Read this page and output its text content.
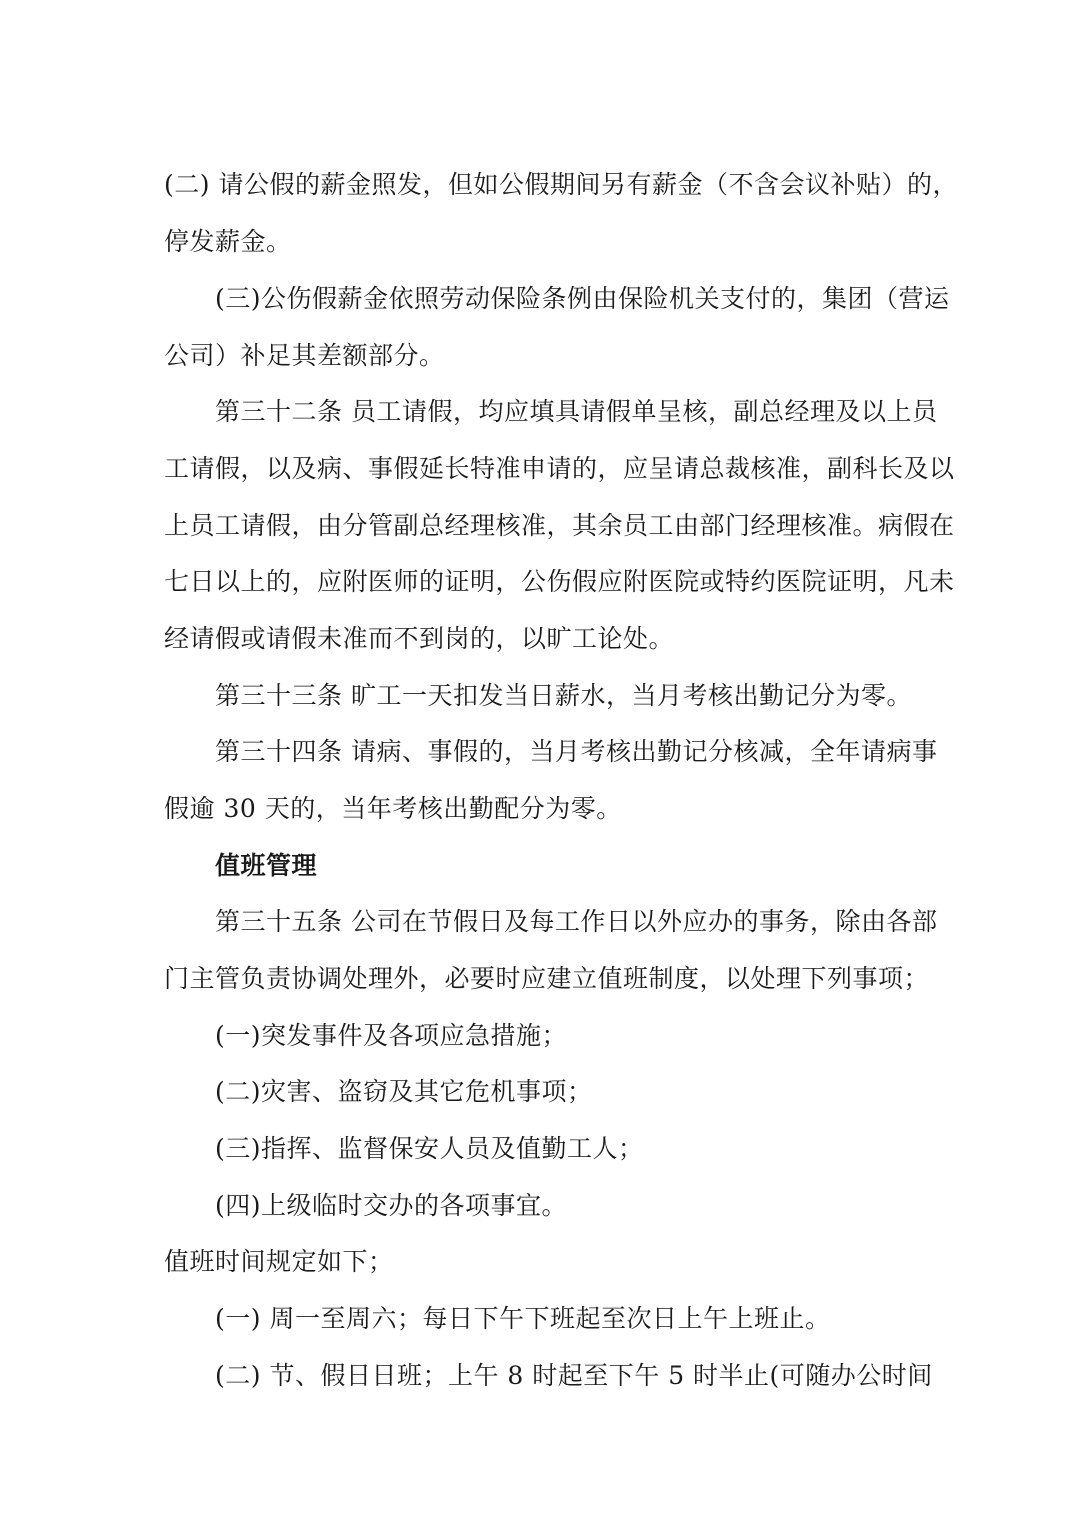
(二) 请公假的薪金照发，但如公假期间另有薪金（不含会议补贴）的，
停发薪金。
(三)公伤假薪金依照劳动保险条例由保险机关支付的，集团（营运
公司）补足其差额部分。
第三十二条 员工请假，均应填具请假单呈核，副总经理及以上员
工请假，以及病、事假延长特准申请的，应呈请总裁核准，副科长及以
上员工请假，由分管副总经理核准，其余员工由部门经理核准。病假在
七日以上的，应附医师的证明，公伤假应附医院或特约医院证明，凡未
经请假或请假未准而不到岗的，以旷工论处。
第三十三条 旷工一天扣发当日薪水，当月考核出勤记分为零。
第三十四条 请病、事假的，当月考核出勤记分核减，全年请病事
假逾 30 天的，当年考核出勤配分为零。
值班管理
第三十五条 公司在节假日及每工作日以外应办的事务，除由各部
门主管负责协调处理外，必要时应建立值班制度，以处理下列事项；
(一)突发事件及各项应急措施；
(二)灾害、盗窃及其它危机事项；
(三)指挥、监督保安人员及值勤工人；
(四)上级临时交办的各项事宜。
值班时间规定如下；
(一) 周一至周六；每日下午下班起至次日上午上班止。
(二) 节、假日日班；上午 8 时起至下午 5 时半止(可随办公时间
